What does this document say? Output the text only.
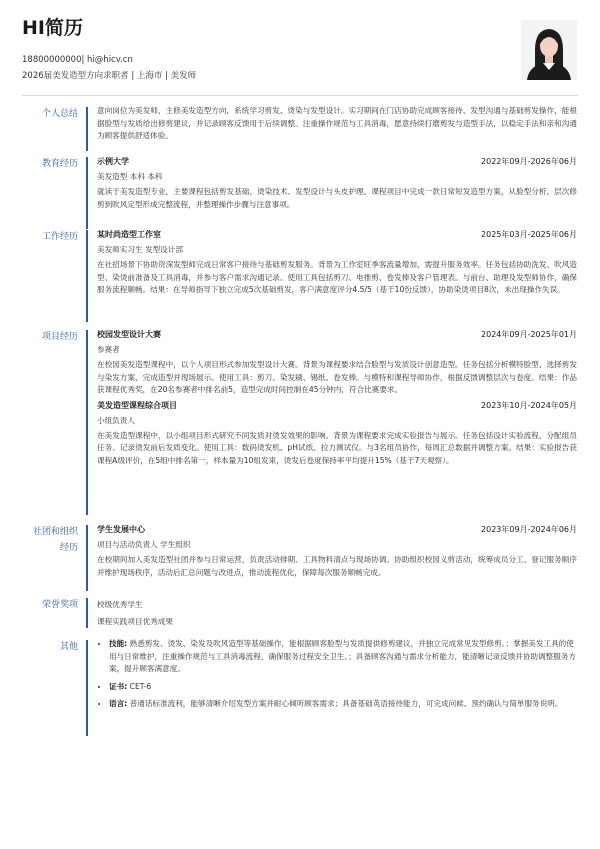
HI简历
18800000000| hi@hicv.cn
2026届美发造型方向求职者 | 上海市 | 美发师
个人总结	意向岗位为美发师，主修美发造型方向，系统学习剪发、烫染与发型设计。实习期间在门店协助完成顾客接待、发型沟通与基础剪发操作，能根据脸型与发质给出修剪建议，并记录顾客反馈用于后续调整。注重操作规范与工具消毒，愿意持续打磨剪发与造型手法，以稳定手法和亲和沟通为顾客提供舒适体验。

教育经历 示例大学	2022年09月-2026年06月
美发造型 本科 本科

就读于美发造型专业，主要课程包括剪发基础、烫染技术、发型设计与头皮护理。课程项目中完成一款日常短发造型方案，从脸型分析、层次修剪到吹风定型形成完整流程，并整理操作步骤与注意事项。

工作经历 某时尚造型工作室	2025年03月-2025年06月
美发师实习生 发型设计部

在社招场景下协助资深发型师完成日常客户接待与基础剪发服务。背景为工作室旺季客流量增加，需提升服务效率。任务包括协助洗发、吹风造型、染烫前准备及工具消毒，并参与客户需求沟通记录。使用工具包括剪刀、电推剪、卷发棒及客户管理表。与前台、助理及发型师协作，确保服务流程顺畅。结果：在导师指导下独立完成5次基础剪发，客户满意度评分4.5/5（基于10份反馈），协助染烫项目8次，未出现操作失误。

项目经历 校园发型设计大赛	2024年09月-2025年01月
参赛者

在校园美发造型课程中，以个人项目形式参加发型设计大赛。背景为课程要求结合脸型与发质设计创意造型。任务包括分析模特脸型、选择剪发与染发方案、完成造型并现场展示。使用工具：剪刀、染发刷、锡纸、卷发棒。与模特和课程导师协作，根据反馈调整层次与卷度。结果：作品获课程优秀奖，在20名参赛者中排名前5，造型完成时间控制在45分钟内，符合比赛要求。

美发造型课程综合项目	2023年10月-2024年05月
小组负责人

在美发造型课程中，以小组项目形式研究不同发质对烫发效果的影响。背景为课程要求完成实验报告与展示。任务包括设计实验流程、分配组员任务、记录烫发前后发质变化。使用工具：数码烫发机、pH试纸、拉力测试仪。与3名组员协作，每周汇总数据并调整方案。结果：实验报告获课程A级评价，在5组中排名第一，样本量为10组发束，烫发后卷度保持率平均提升15%（基于7天观察）。

社团和组织
经历
学生发展中心	2023年09月-2024年06月
项目与活动负责人 学生组织

在校期间加入美发造型社团并参与日常运营，负责活动排期、工具物料清点与现场协调。协助组织校园义剪活动，统筹成员分工、登记服务顺序并维护现场秩序，活动后汇总问题与改进点，推动流程优化，保障每次服务顺畅完成。

荣誉奖项	校级优秀学生
课程实践项目优秀成果
其他
•	技能: 熟悉剪发、烫发、染发及吹风造型等基础操作，能根据顾客脸型与发质提供修剪建议，并独立完成常见发型修剪。；掌握美发工具的使用与日常维护，注重操作规范与工具消毒流程，确保服务过程安全卫生。；具备顾客沟通与需求分析能力，能清晰记录反馈并协助调整服务方案，提升顾客满意度。
• 证书: CET-6
• 语言: 普通话标准流利，能够清晰介绍发型方案并耐心倾听顾客需求；具备基础英语接待能力，可完成问候、预约确认与简单服务说明。
